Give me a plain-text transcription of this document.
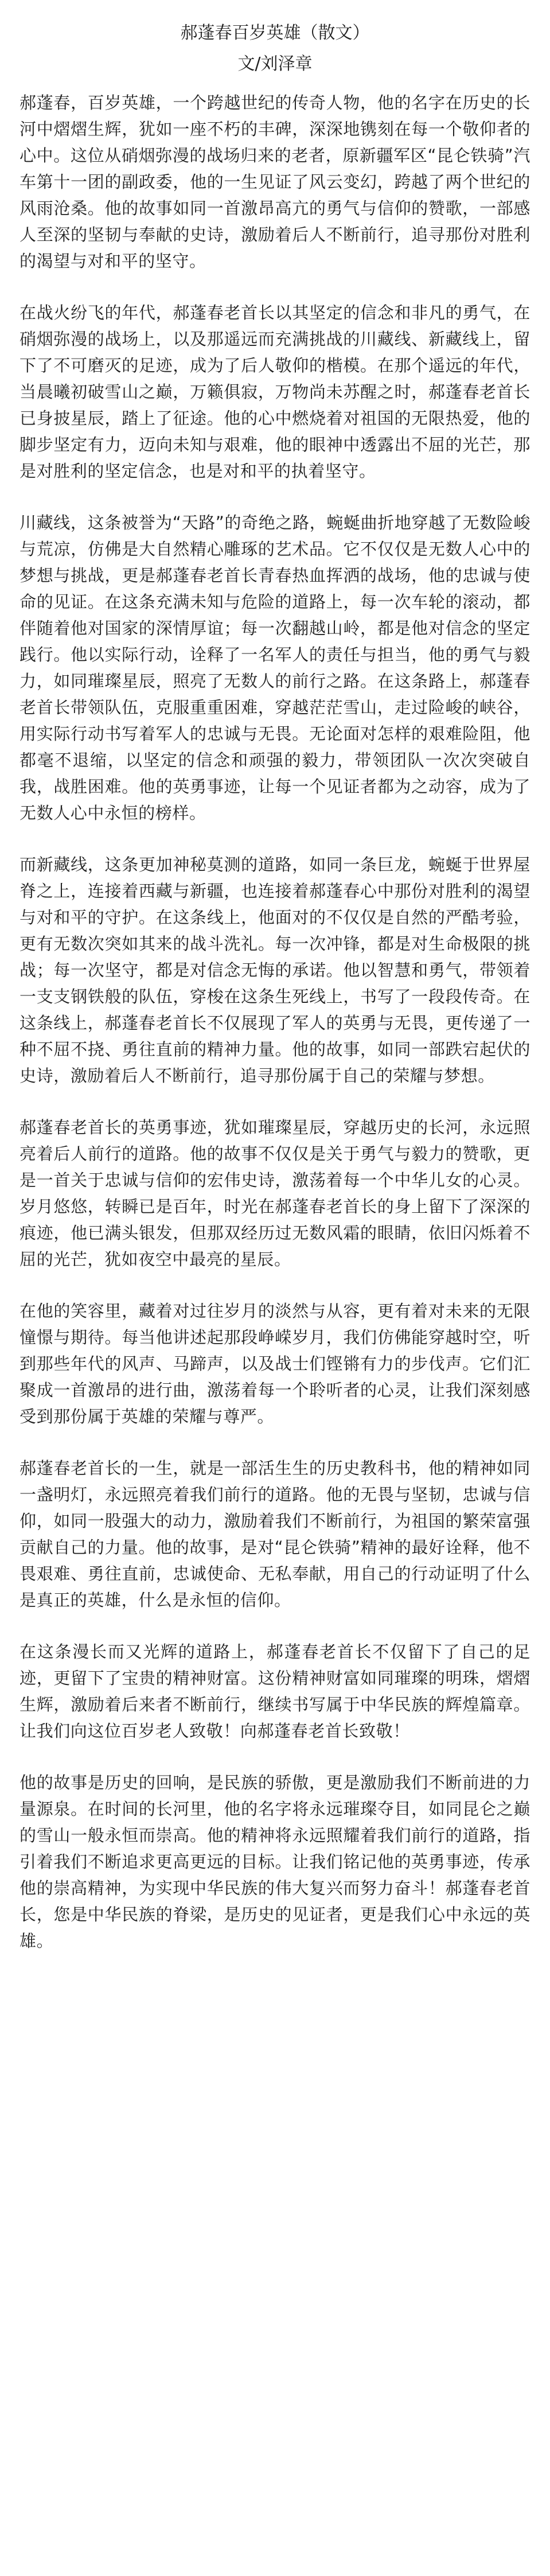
郝蓬春百岁英雄（散文）
文/刘泽章

郝蓬春，百岁英雄，一个跨越世纪的传奇人物，他的名字在历史的长河中熠熠生辉，犹如一座不朽的丰碑，深深地镌刻在每一个敬仰者的心中。这位从硝烟弥漫的战场归来的老者，原新疆军区“昆仑铁骑”汽车第十一团的副政委，他的一生见证了风云变幻，跨越了两个世纪的风雨沧桑。他的故事如同一首激昂高亢的勇气与信仰的赞歌，一部感人至深的坚韧与奉献的史诗，激励着后人不断前行，追寻那份对胜利的渴望与对和平的坚守。

在战火纷飞的年代，郝蓬春老首长以其坚定的信念和非凡的勇气，在硝烟弥漫的战场上，以及那遥远而充满挑战的川藏线、新藏线上，留下了不可磨灭的足迹，成为了后人敬仰的楷模。在那个遥远的年代，当晨曦初破雪山之巅，万籁俱寂，万物尚未苏醒之时，郝蓬春老首长已身披星辰，踏上了征途。他的心中燃烧着对祖国的无限热爱，他的脚步坚定有力，迈向未知与艰难，他的眼神中透露出不屈的光芒，那是对胜利的坚定信念，也是对和平的执着坚守。

川藏线，这条被誉为“天路”的奇绝之路，蜿蜒曲折地穿越了无数险峻与荒凉，仿佛是大自然精心雕琢的艺术品。它不仅仅是无数人心中的梦想与挑战，更是郝蓬春老首长青春热血挥洒的战场，他的忠诚与使命的见证。在这条充满未知与危险的道路上，每一次车轮的滚动，都伴随着他对国家的深情厚谊；每一次翻越山岭，都是他对信念的坚定践行。他以实际行动，诠释了一名军人的责任与担当，他的勇气与毅力，如同璀璨星辰，照亮了无数人的前行之路。在这条路上，郝蓬春老首长带领队伍，克服重重困难，穿越茫茫雪山，走过险峻的峡谷，用实际行动书写着军人的忠诚与无畏。无论面对怎样的艰难险阻，他都毫不退缩，以坚定的信念和顽强的毅力，带领团队一次次突破自我，战胜困难。他的英勇事迹，让每一个见证者都为之动容，成为了无数人心中永恒的榜样。

而新藏线，这条更加神秘莫测的道路，如同一条巨龙，蜿蜒于世界屋脊之上，连接着西藏与新疆，也连接着郝蓬春心中那份对胜利的渴望与对和平的守护。在这条线上，他面对的不仅仅是自然的严酷考验，更有无数次突如其来的战斗洗礼。每一次冲锋，都是对生命极限的挑战；每一次坚守，都是对信念无悔的承诺。他以智慧和勇气，带领着一支支钢铁般的队伍，穿梭在这条生死线上，书写了一段段传奇。在这条线上，郝蓬春老首长不仅展现了军人的英勇与无畏，更传递了一种不屈不挠、勇往直前的精神力量。他的故事，如同一部跌宕起伏的史诗，激励着后人不断前行，追寻那份属于自己的荣耀与梦想。

郝蓬春老首长的英勇事迹，犹如璀璨星辰，穿越历史的长河，永远照亮着后人前行的道路。他的故事不仅仅是关于勇气与毅力的赞歌，更是一首关于忠诚与信仰的宏伟史诗，激荡着每一个中华儿女的心灵。岁月悠悠，转瞬已是百年，时光在郝蓬春老首长的身上留下了深深的痕迹，他已满头银发，但那双经历过无数风霜的眼睛，依旧闪烁着不屈的光芒，犹如夜空中最亮的星辰。

在他的笑容里，藏着对过往岁月的淡然与从容，更有着对未来的无限憧憬与期待。每当他讲述起那段峥嵘岁月，我们仿佛能穿越时空，听到那些年代的风声、马蹄声，以及战士们铿锵有力的步伐声。它们汇聚成一首激昂的进行曲，激荡着每一个聆听者的心灵，让我们深刻感受到那份属于英雄的荣耀与尊严。

郝蓬春老首长的一生，就是一部活生生的历史教科书，他的精神如同一盏明灯，永远照亮着我们前行的道路。他的无畏与坚韧，忠诚与信仰，如同一股强大的动力，激励着我们不断前行，为祖国的繁荣富强贡献自己的力量。他的故事，是对“昆仑铁骑”精神的最好诠释，他不畏艰难、勇往直前，忠诚使命、无私奉献，用自己的行动证明了什么是真正的英雄，什么是永恒的信仰。

在这条漫长而又光辉的道路上，郝蓬春老首长不仅留下了自己的足迹，更留下了宝贵的精神财富。这份精神财富如同璀璨的明珠，熠熠生辉，激励着后来者不断前行，继续书写属于中华民族的辉煌篇章。让我们向这位百岁老人致敬！向郝蓬春老首长致敬！

他的故事是历史的回响，是民族的骄傲，更是激励我们不断前进的力量源泉。在时间的长河里，他的名字将永远璀璨夺目，如同昆仑之巅的雪山一般永恒而崇高。他的精神将永远照耀着我们前行的道路，指引着我们不断追求更高更远的目标。让我们铭记他的英勇事迹，传承他的崇高精神，为实现中华民族的伟大复兴而努力奋斗！郝蓬春老首长，您是中华民族的脊梁，是历史的见证者，更是我们心中永远的英雄。
